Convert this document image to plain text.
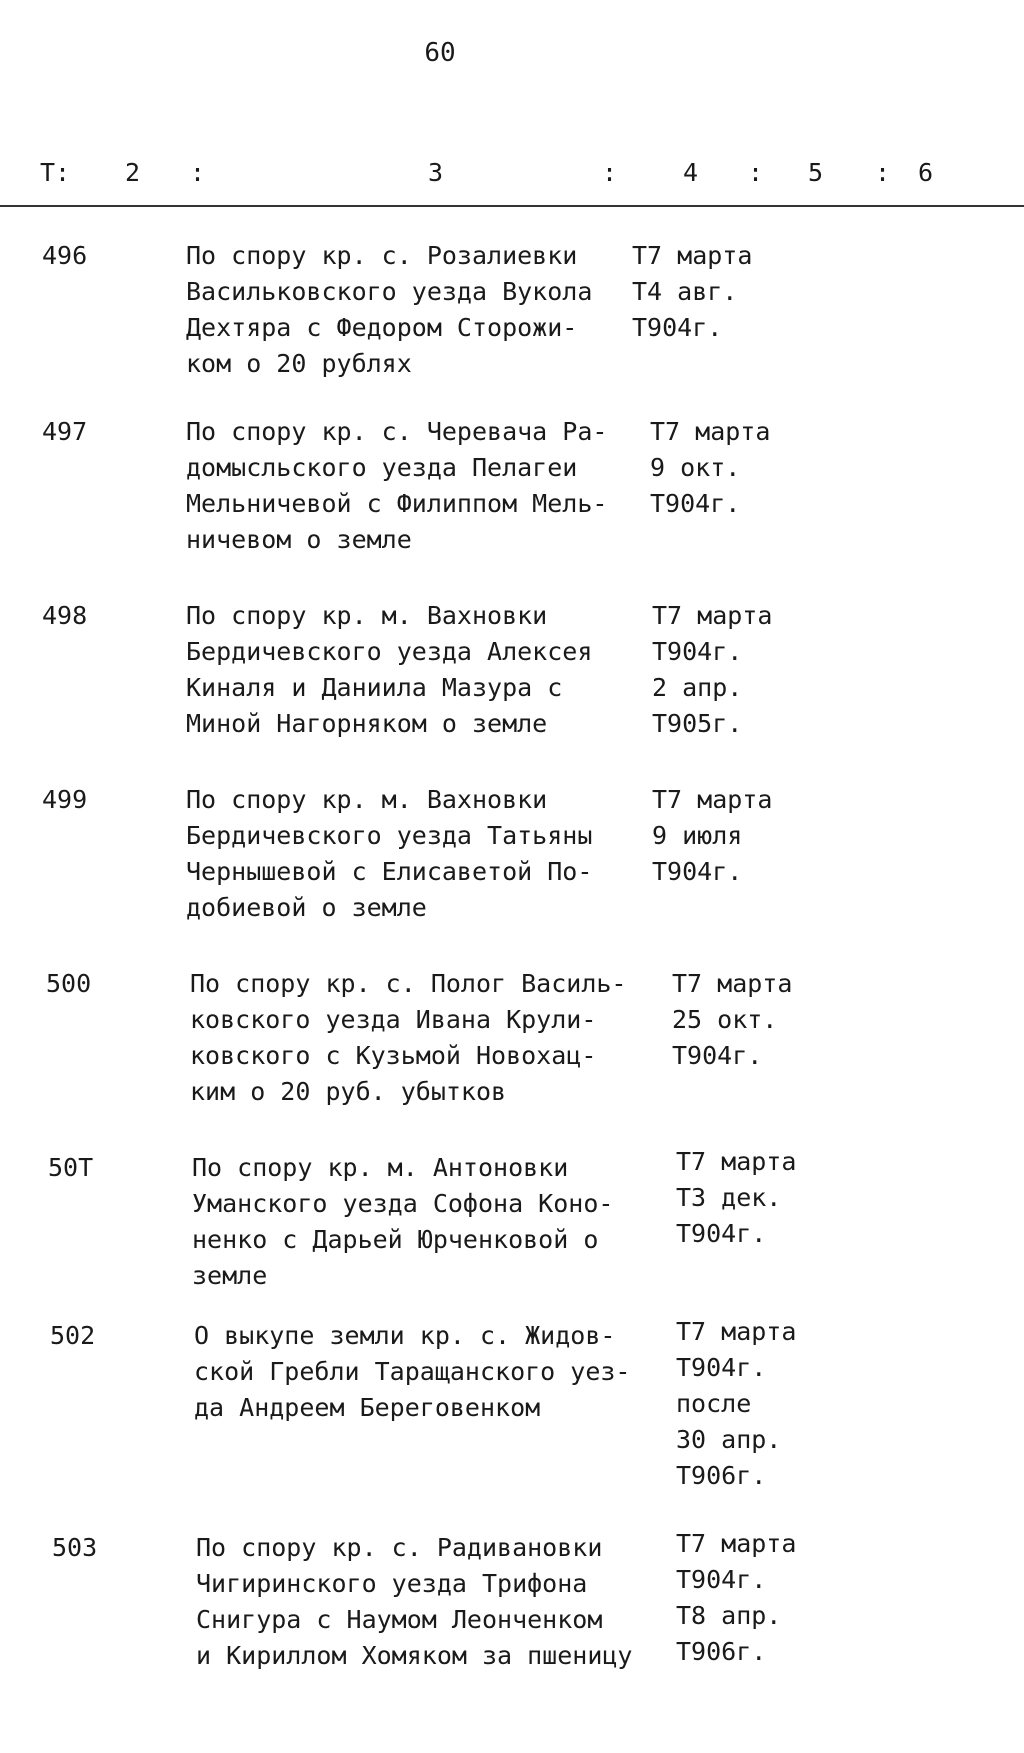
60
Т: 2 :	3	:	4 : 5 : 6
496	По спору кр. с. Розалиевки
Васильковского уезда Вукола
Дехтяра с Федором Сторожи-
ком о 20 рублях
Т7 марта
Т4 авг.
Т904г.
497	По спору кр. с. Черевача Ра-
домысльского уезда Пелагеи
Мельничевой с Филиппом Мель-
ничевом о земле
Т7 марта
9 окт.
Т904г.
498	По спору кр. м. Вахновки
Бердичевского уезда Алексея
Киналя и Даниила Мазура с
Миной Нагорняком о земле
Т7 марта
Т904г.
2 апр.
Т905г.
499	По спору кр. м. Вахновки
Бердичевского уезда Татьяны
Чернышевой с Елисаветой По-
добиевой о земле
Т7 марта
9 июля
Т904г.
500	По спору кр. с. Полог Василь-
ковского уезда Ивана Крули-
ковского с Кузьмой Новохац-
ким о 20 руб. убытков
Т7 марта
25 окт.
Т904г.
50Т	По спору кр. м. Антоновки
Уманского уезда Софона Коно-
ненко с Дарьей Юрченковой о
земле
Т7 марта
Т3 дек.
Т904г.
502	О выкупе земли кр. с. Жидов-
ской Гребли Таращанского уез-
да Андреем Береговенком
Т7 марта
Т904г.
после
30 апр.
Т906г.
503	По спору кр. с. Радивановки
Чигиринского уезда Трифона
Снигура с Наумом Леонченком
и Кириллом Хомяком за пшеницу
Т7 марта
Т904г.
Т8 апр.
Т906г.
